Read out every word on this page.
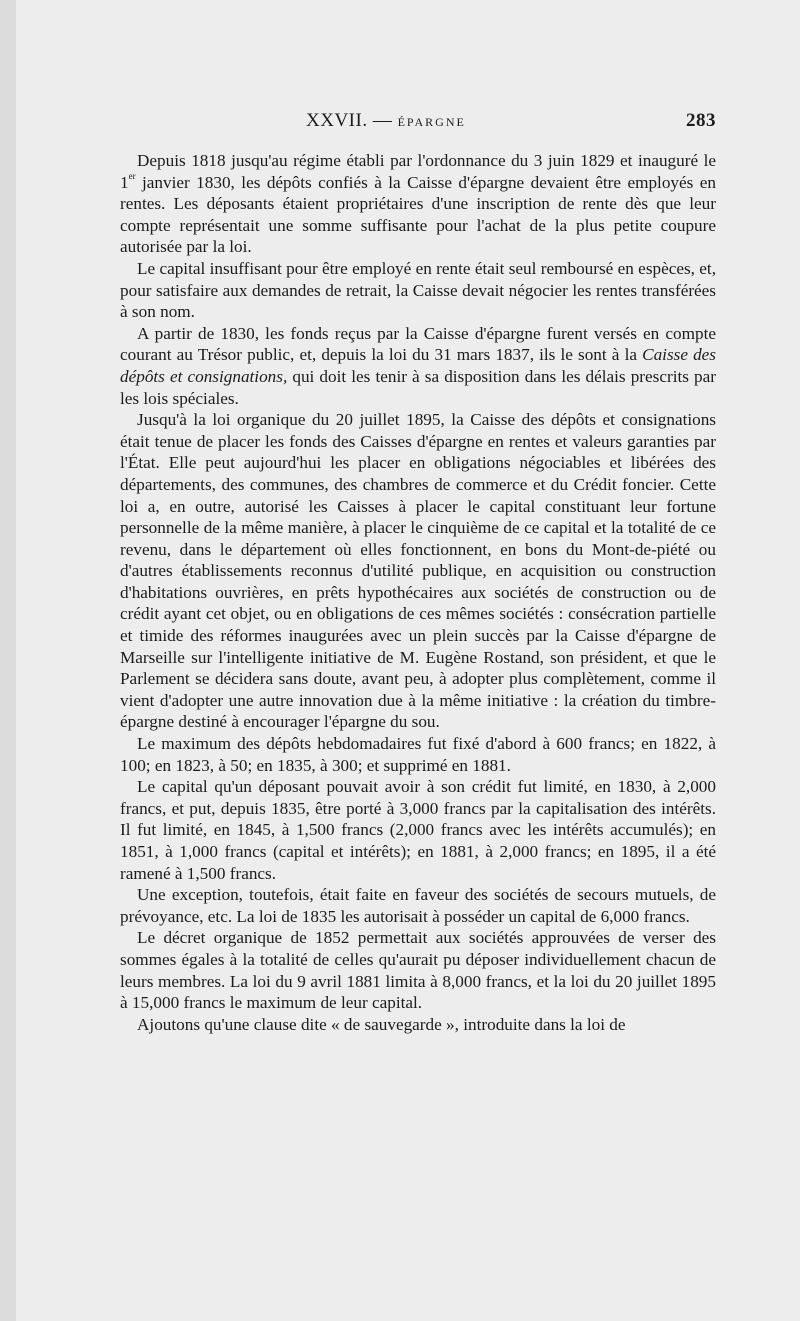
XXVII. — ÉPARGNE	283

Depuis 1818 jusqu'au régime établi par l'ordonnance du 3 juin 1829 et inauguré le 1er janvier 1830, les dépôts confiés à la Caisse d'épargne devaient être employés en rentes. Les déposants étaient propriétaires d'une inscription de rente dès que leur compte représentait une somme suffisante pour l'achat de la plus petite coupure autorisée par la loi.

Le capital insuffisant pour être employé en rente était seul remboursé en espèces, et, pour satisfaire aux demandes de retrait, la Caisse devait négocier les rentes transférées à son nom.

A partir de 1830, les fonds reçus par la Caisse d'épargne furent versés en compte courant au Trésor public, et, depuis la loi du 31 mars 1837, ils le sont à la Caisse des dépôts et consignations, qui doit les tenir à sa disposition dans les délais prescrits par les lois spéciales.

Jusqu'à la loi organique du 20 juillet 1895, la Caisse des dépôts et consignations était tenue de placer les fonds des Caisses d'épargne en rentes et valeurs garanties par l'État. Elle peut aujourd'hui les placer en obligations négociables et libérées des départements, des communes, des chambres de commerce et du Crédit foncier. Cette loi a, en outre, autorisé les Caisses à placer le capital constituant leur fortune personnelle de la même manière, à placer le cinquième de ce capital et la totalité de ce revenu, dans le département où elles fonctionnent, en bons du Mont-de-piété ou d'autres établissements reconnus d'utilité publique, en acquisition ou construction d'habitations ouvrières, en prêts hypothécaires aux sociétés de construction ou de crédit ayant cet objet, ou en obligations de ces mêmes sociétés : consécration partielle et timide des réformes inaugurées avec un plein succès par la Caisse d'épargne de Marseille sur l'intelligente initiative de M. Eugène Rostand, son président, et que le Parlement se décidera sans doute, avant peu, à adopter plus complètement, comme il vient d'adopter une autre innovation due à la même initiative : la création du timbre-épargne destiné à encourager l'épargne du sou.

Le maximum des dépôts hebdomadaires fut fixé d'abord à 600 francs; en 1822, à 100; en 1823, à 50; en 1835, à 300; et supprimé en 1881.

Le capital qu'un déposant pouvait avoir à son crédit fut limité, en 1830, à 2,000 francs, et put, depuis 1835, être porté à 3,000 francs par la capitalisation des intérêts. Il fut limité, en 1845, à 1,500 francs (2,000 francs avec les intérêts accumulés); en 1851, à 1,000 francs (capital et intérêts); en 1881, à 2,000 francs; en 1895, il a été ramené à 1,500 francs.

Une exception, toutefois, était faite en faveur des sociétés de secours mutuels, de prévoyance, etc. La loi de 1835 les autorisait à posséder un capital de 6,000 francs.

Le décret organique de 1852 permettait aux sociétés approuvées de verser des sommes égales à la totalité de celles qu'aurait pu déposer individuellement chacun de leurs membres. La loi du 9 avril 1881 limita à 8,000 francs, et la loi du 20 juillet 1895 à 15,000 francs le maximum de leur capital.

Ajoutons qu'une clause dite « de sauvegarde », introduite dans la loi de
